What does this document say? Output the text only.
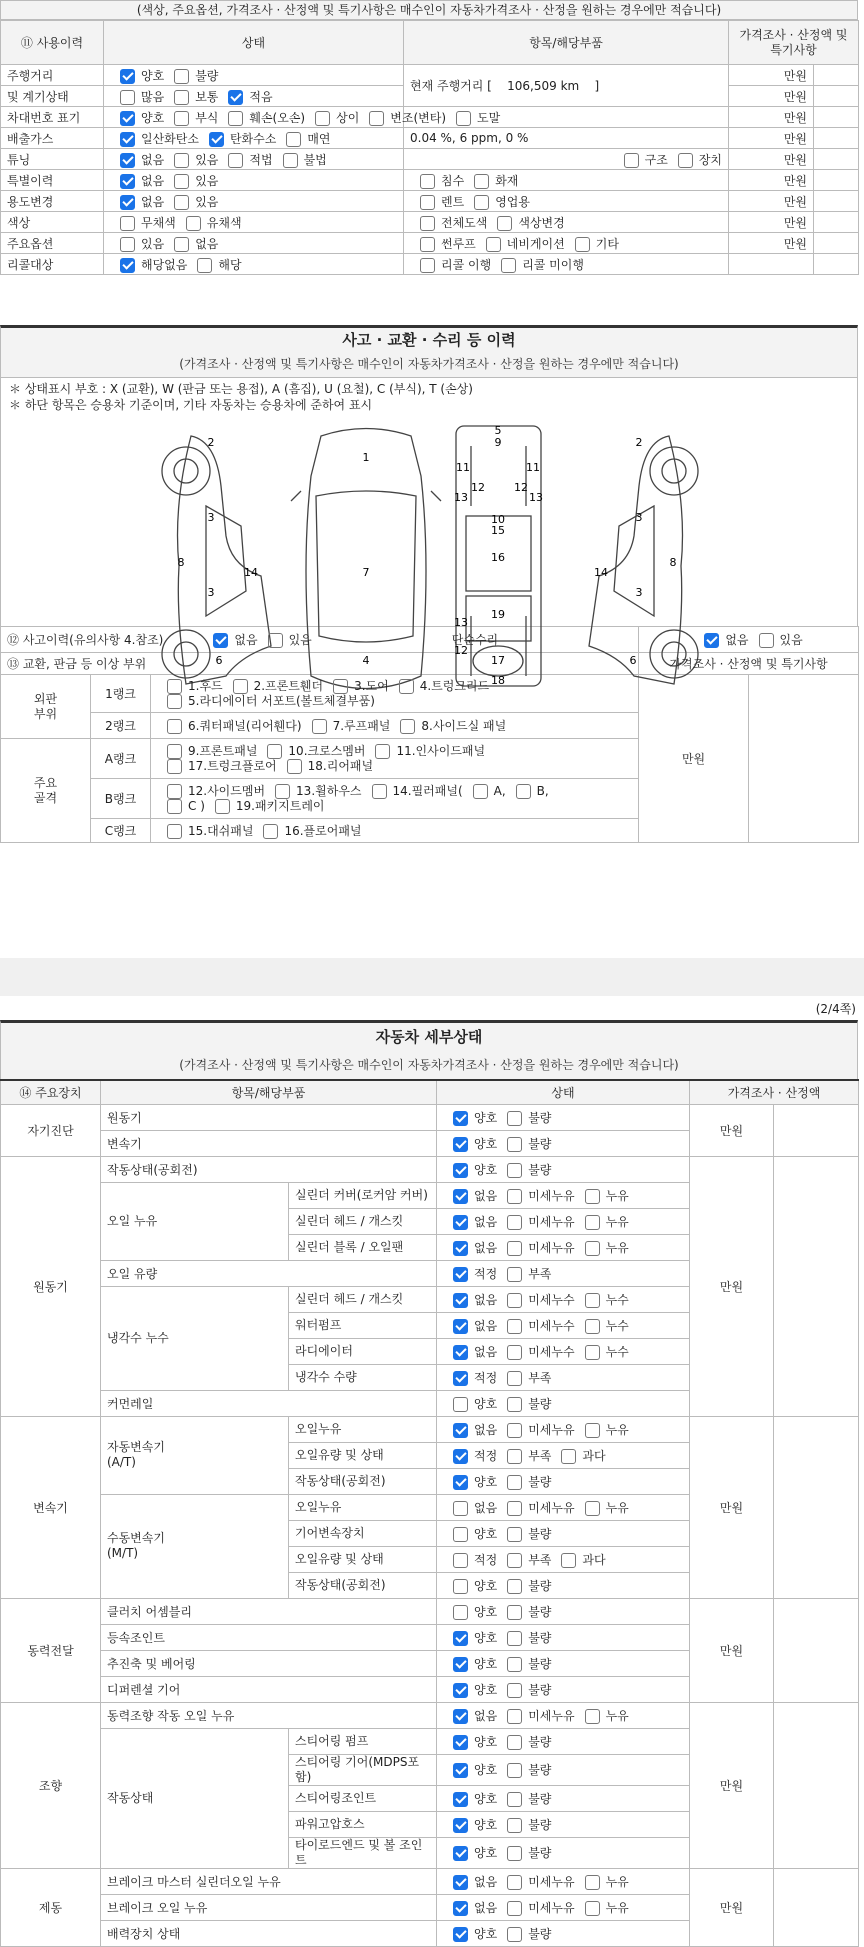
(색상, 주요옵션, 가격조사 · 산정액 및 특기사항은 매수인이 자동차가격조사 · 산정을 원하는 경우에만 적습니다)
⑪ 사용이력	상태	항목/해당부품	가격조사 · 산정액 및 특기사항	
주행거리	양호 불량	현재 주행거리 [ 106,509 km ]	만원	
및 계기상태	많음 보통 적음		만원	
차대번호 표기	양호 부식 훼손(오손) 상이 변조(변타) 도말		만원	
배출가스	일산화탄소 탄화수소 매연	0.04 %, 6 ppm, 0 %	만원	
튜닝	없음 있음 적법 불법	구조 장치	만원	
특별이력	없음 있음	침수 화재	만원	
용도변경	없음 있음	렌트 영업용	만원	
색상	무채색 유채색	전체도색 색상변경	만원	
주요옵션	있음 없음	썬루프 네비게이션 기타	만원	
리콜대상	해당없음 해당	리콜 이행 리콜 미이행		
사고 · 교환 · 수리 등 이력
(가격조사 · 산정액 및 특기사항은 매수인이 자동차가격조사 · 산정을 원하는 경우에만 적습니다)
＊ 상태표시 부호 : X (교환), W (판금 또는 용접), A (흠집), U (요철), C (부식), T (손상)
＊ 하단 항목은 승용차 기준이며, 기타 자동차는 승용차에 준하여 표시
2
3
8
14
3
6
1
7
4
5
9
11	11
12	12
13	13
10
15
16
19
13
12
17
18
2
3
8
14
3
6
⑫ 사고이력(유의사항 4.참조) 없음 있음 단순수리			없음 있음	
⑬ 교환, 판금 등 이상 부위			가격조사 · 산정액 및 특기사항	
외판
부위	1랭크	1.후드 2.프론트휀더 3.도어 4.트렁크리드
5.라디에이터 서포트(볼트체결부품)	만원	
	2랭크	6.쿼터패널(리어휀다) 7.루프패널 8.사이드실 패널		
주요
골격	A랭크	9.프론트패널 10.크로스멤버 11.인사이드패널
17.트렁크플로어 18.리어패널		
	B랭크	12.사이드멤버 13.휠하우스 14.필러패널( A, B,
C ) 19.패키지트레이		
	C랭크	15.대쉬패널 16.플로어패널		
(2/4쪽)
자동차 세부상태
(가격조사 · 산정액 및 특기사항은 매수인이 자동차가격조사 · 산정을 원하는 경우에만 적습니다)
⑭ 주요장치	항목/해당부품		상태	가격조사 · 산정액	
자기진단	원동기		양호 불량	만원	
	변속기		양호 불량		
원동기	작동상태(공회전)		양호 불량	만원	
	오일 누유	실린더 커버(로커암 커버)	없음 미세누유 누유		
		실린더 헤드 / 개스킷	없음 미세누유 누유		
		실린더 블록 / 오일팬	없음 미세누유 누유		
	오일 유량		적정 부족		
	냉각수 누수	실린더 헤드 / 개스킷	없음 미세누수 누수		
		워터펌프	없음 미세누수 누수		
		라디에이터	없음 미세누수 누수		
		냉각수 수량	적정 부족		
	커먼레일		양호 불량		
변속기	자동변속기
(A/T)	오일누유	없음 미세누유 누유	만원	
		오일유량 및 상태	적정 부족 과다		
		작동상태(공회전)	양호 불량		
	수동변속기
(M/T)	오일누유	없음 미세누유 누유		
		기어변속장치	양호 불량		
		오일유량 및 상태	적정 부족 과다		
		작동상태(공회전)	양호 불량		
동력전달	클러치 어셈블리		양호 불량	만원	
	등속조인트		양호 불량		
	추진축 및 베어링		양호 불량		
	디퍼렌셜 기어		양호 불량		
조향	동력조향 작동 오일 누유		없음 미세누유 누유	만원	
	작동상태	스티어링 펌프	양호 불량		
		스티어링 기어(MDPS포함)	양호 불량		
		스티어링조인트	양호 불량		
		파워고압호스	양호 불량		
		타이로드엔드 및 볼 조인트	양호 불량		
제동	브레이크 마스터 실린더오일 누유		없음 미세누유 누유	만원	
	브레이크 오일 누유		없음 미세누유 누유		
	배력장치 상태		양호 불량		
